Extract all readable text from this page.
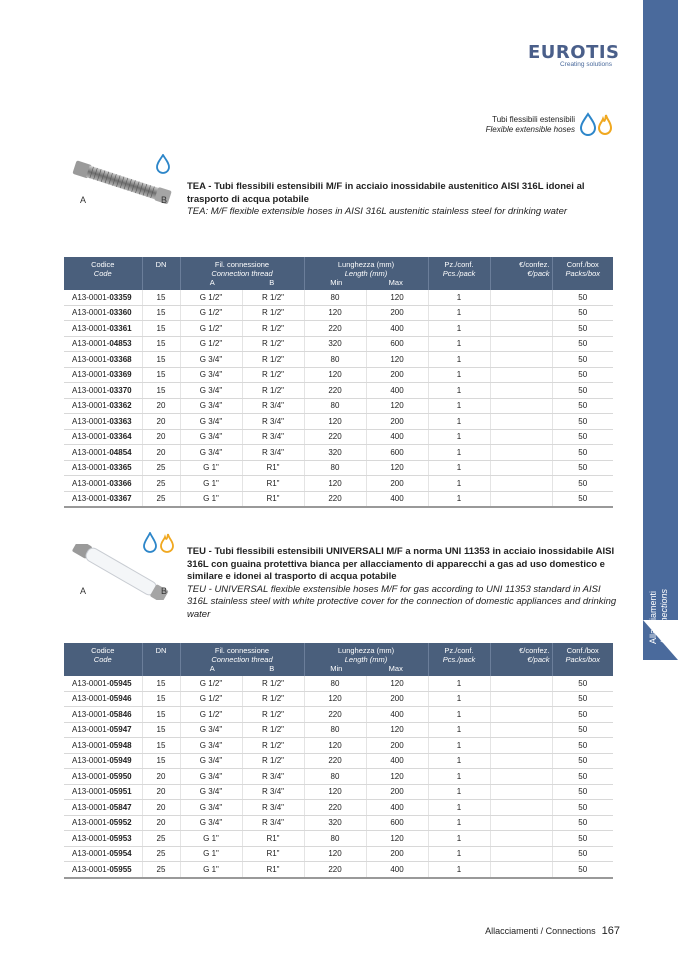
Allacciamenti
/ Connections
EUROTIS
Creating solutions
Tubi flessibili estensibili
Flexible extensible hoses
A	B
TEA - Tubi flessibili estensibili M/F in acciaio inossidabile austenitico AISI 316L idonei al trasporto di acqua potabile
TEA: M/F flexible extensible hoses in AISI 316L austenitic stainless steel for drinking water
Codice
Code	DN	Fil. connessione
Connection thread
A B		Lunghezza (mm)
Length (mm)
Min Max		Pz./conf.
Pcs./pack	€/confez.
€/pack	Conf./box
Packs/box
A13-0001-03359	15	G 1/2"	R 1/2"	80	120	1		50
A13-0001-03360	15	G 1/2"	R 1/2"	120	200	1		50
A13-0001-03361	15	G 1/2"	R 1/2"	220	400	1		50
A13-0001-04853	15	G 1/2"	R 1/2"	320	600	1		50
A13-0001-03368	15	G 3/4"	R 1/2"	80	120	1		50
A13-0001-03369	15	G 3/4"	R 1/2"	120	200	1		50
A13-0001-03370	15	G 3/4"	R 1/2"	220	400	1		50
A13-0001-03362	20	G 3/4"	R 3/4"	80	120	1		50
A13-0001-03363	20	G 3/4"	R 3/4"	120	200	1		50
A13-0001-03364	20	G 3/4"	R 3/4"	220	400	1		50
A13-0001-04854	20	G 3/4"	R 3/4"	320	600	1		50
A13-0001-03365	25	G 1"	R1"	80	120	1		50
A13-0001-03366	25	G 1"	R1"	120	200	1		50
A13-0001-03367	25	G 1"	R1"	220	400	1		50
A	B
TEU - Tubi flessibili estensibili UNIVERSALI M/F a norma UNI 11353 in acciaio inossidabile AISI 316L con guaina protettiva bianca per allacciamento di apparecchi a gas ad uso domestico e similare e idonei al trasporto di acqua potabile
TEU - UNIVERSAL flexible exstensible hoses M/F for gas according to UNI 11353 standard in AISI 316L stainless steel with white protective cover for the connection of domestic appliances and drinking water
Codice
Code	DN	Fil. connessione
Connection thread
A B		Lunghezza (mm)
Length (mm)
Min Max		Pz./conf.
Pcs./pack	€/confez.
€/pack	Conf./box
Packs/box
A13-0001-05945	15	G 1/2"	R 1/2"	80	120	1		50
A13-0001-05946	15	G 1/2"	R 1/2"	120	200	1		50
A13-0001-05846	15	G 1/2"	R 1/2"	220	400	1		50
A13-0001-05947	15	G 3/4"	R 1/2"	80	120	1		50
A13-0001-05948	15	G 3/4"	R 1/2"	120	200	1		50
A13-0001-05949	15	G 3/4"	R 1/2"	220	400	1		50
A13-0001-05950	20	G 3/4"	R 3/4"	80	120	1		50
A13-0001-05951	20	G 3/4"	R 3/4"	120	200	1		50
A13-0001-05847	20	G 3/4"	R 3/4"	220	400	1		50
A13-0001-05952	20	G 3/4"	R 3/4"	320	600	1		50
A13-0001-05953	25	G 1"	R1"	80	120	1		50
A13-0001-05954	25	G 1"	R1"	120	200	1		50
A13-0001-05955	25	G 1"	R1"	220	400	1		50
Allacciamenti / Connections 167
